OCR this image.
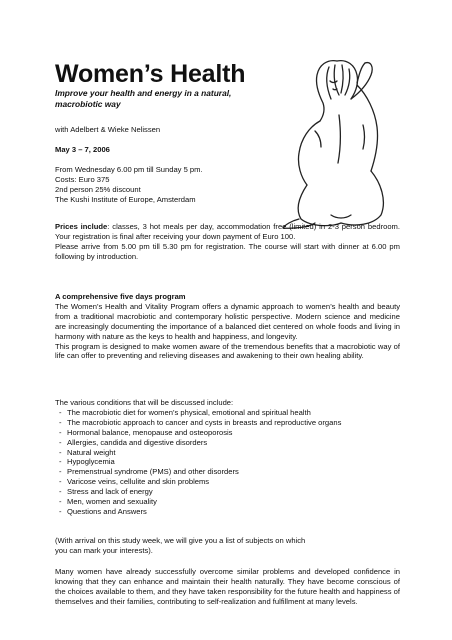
Women’s Health
Improve your health and energy in a natural, macrobiotic way
with Adelbert & Wieke Nelissen
May 3 – 7, 2006
From Wednesday 6.00 pm till Sunday 5 pm.
Costs: Euro 375
2nd person 25% discount
The Kushi Institute of Europe, Amsterdam
Prices include: classes, 3 hot meals per day, accommodation free (limited) in 2-3 person bedroom. Your registration is final after receiving your down payment of Euro 100.
Please arrive from 5.00 pm till 5.30 pm for registration. The course will start with dinner at 6.00 pm following by introduction.
A comprehensive five days program
The Women’s Health and Vitality Program offers a dynamic approach to women’s health and beauty from a traditional macrobiotic and contemporary holistic perspective. Modern science and medicine are increasingly documenting the importance of a balanced diet centered on whole foods and living in harmony with nature as the keys to health and happiness, and longevity.
This program is designed to make women aware of the tremendous benefits that a macrobiotic way of life can offer to preventing and relieving diseases and awakening to their own healing ability.
The various conditions that will be discussed include:
- The macrobiotic diet for women’s physical, emotional and spiritual health
- The macrobiotic approach to cancer and cysts in breasts and reproductive organs
- Hormonal balance, menopause and osteoporosis
- Allergies, candida and digestive disorders
- Natural weight
- Hypoglycemia
- Premenstrual syndrome (PMS) and other disorders
- Varicose veins, cellulite and skin problems
- Stress and lack of energy
- Men, women and sexuality
- Questions and Answers
(With arrival on this study week, we will give you a list of subjects on which
you can mark your interests).
Many women have already successfully overcome similar problems and developed confidence in knowing that they can enhance and maintain their health naturally. They have become conscious of the choices available to them, and they have taken responsibility for the future health and happiness of themselves and their families, contributing to self-realization and fulfillment at many levels.
